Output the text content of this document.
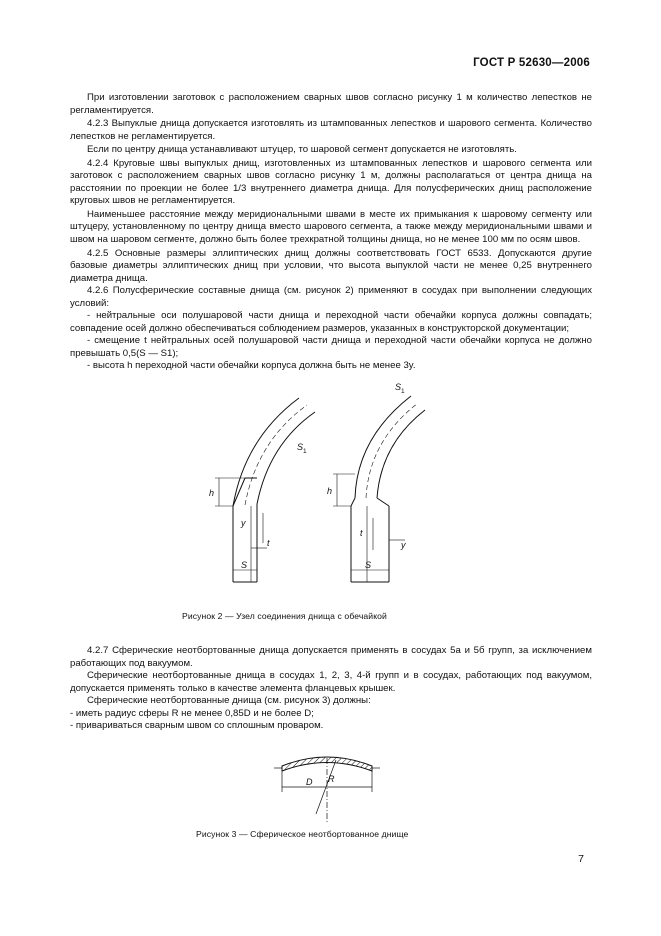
ГОСТ Р 52630—2006

При изготовлении заготовок с расположением сварных швов согласно рисунку 1 м количество лепестков не регламентируется.

4.2.3 Выпуклые днища допускается изготовлять из штампованных лепестков и шарового сегмента. Количество лепестков не регламентируется.

Если по центру днища устанавливают штуцер, то шаровой сегмент допускается не изготовлять.

4.2.4 Круговые швы выпуклых днищ, изготовленных из штампованных лепестков и шарового сегмента или заготовок с расположением сварных швов согласно рисунку 1 м, должны располагаться от центра днища на расстоянии по проекции не более 1/3 внутреннего диаметра днища. Для полусферических днищ расположение круговых швов не регламентируется.

Наименьшее расстояние между меридиональными швами в месте их примыкания к шаровому сегменту или штуцеру, установленному по центру днища вместо шарового сегмента, а также между меридиональными швами и швом на шаровом сегменте, должно быть более трехкратной толщины днища, но не менее 100 мм по осям швов.

4.2.5 Основные размеры эллиптических днищ должны соответствовать ГОСТ 6533. Допускаются другие базовые диаметры эллиптических днищ при условии, что высота выпуклой части не менее 0,25 внутреннего диаметра днища.

4.2.6 Полусферические составные днища (см. рисунок 2) применяют в сосудах при выполнении следующих условий:

- нейтральные оси полушаровой части днища и переходной части обечайки корпуса должны совпадать; совпадение осей должно обеспечиваться соблюдением размеров, указанных в конструкторской документации;

- смещение t нейтральных осей полушаровой части днища и переходной части обечайки корпуса не должно превышать 0,5(S — S1);

- высота h переходной части обечайки корпуса должна быть не менее 3y.

$S_1$
h
y
t
S
$S_1$
h
t
y
S
Рисунок 2 — Узел соединения днища с обечайкой

4.2.7 Сферические неотбортованные днища допускается применять в сосудах 5а и 5б групп, за исключением работающих под вакуумом.

Сферические неотбортованные днища в сосудах 1, 2, 3, 4-й групп и в сосудах, работающих под вакуумом, допускается применять только в качестве элемента фланцевых крышек.

Сферические неотбортованные днища (см. рисунок 3) должны:

- иметь радиус сферы R не менее 0,85D и не более D;

- привариваться сварным швом со сплошным проваром.

D R
Рисунок 3 — Сферическое неотбортованное днище
7
